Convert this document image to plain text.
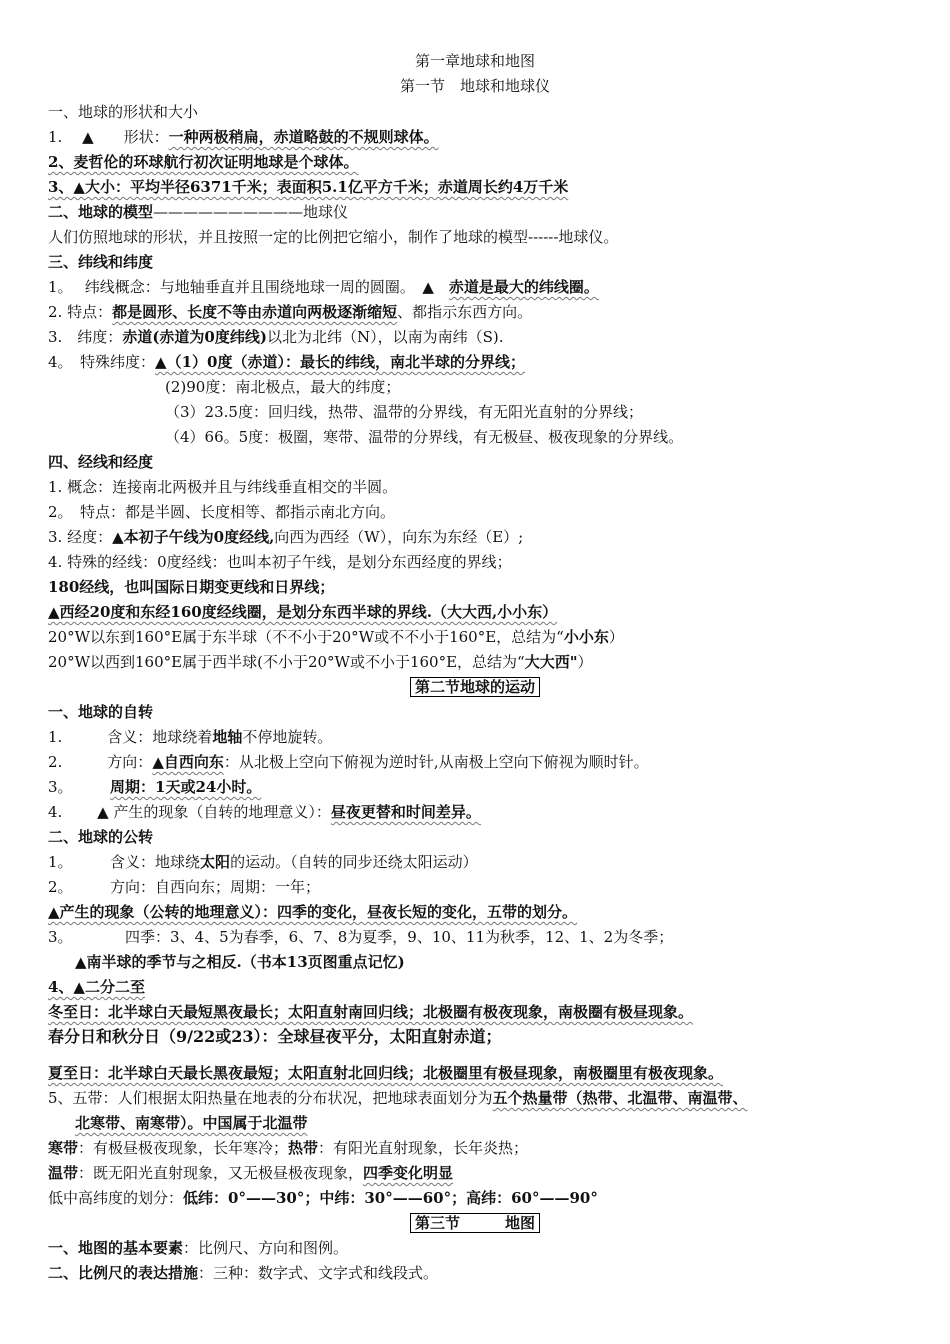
第一章地球和地图
第一节　地球和地球仪
一、地球的形状和大小
1.　 ▲　　形状：一种两极稍扁，赤道略鼓的不规则球体。
2、麦哲伦的环球航行初次证明地球是个球体。
3、▲大小：平均半径6371千米；表面积5.1亿平方千米；赤道周长约4万千米
二、地球的模型——————————地球仪
人们仿照地球的形状，并且按照一定的比例把它缩小，制作了地球的模型------地球仪。
三、纬线和纬度
1。　 纬线概念：与地轴垂直并且围绕地球一周的圆圈。　▲　赤道是最大的纬线圈。
2. 特点：都是圆形、长度不等由赤道向两极逐渐缩短、都指示东西方向。
3.　纬度：赤道(赤道为0度纬线)以北为北纬（N），以南为南纬（S).
4。　特殊纬度：▲（1）0度（赤道）：最长的纬线，南北半球的分界线；
(2)90度：南北极点，最大的纬度；
（3）23.5度：回归线，热带、温带的分界线，有无阳光直射的分界线；
（4）66。5度：极圈，寒带、温带的分界线，有无极昼、极夜现象的分界线。
四、经线和经度
1. 概念：连接南北两极并且与纬线垂直相交的半圆。
2。　特点：都是半圆、长度相等、都指示南北方向。
3. 经度：▲本初子午线为0度经线,向西为西经（W），向东为东经（E）;
4. 特殊的经线：0度经线：也叫本初子午线，是划分东西经度的界线；
180经线，也叫国际日期变更线和日界线；
▲西经20度和东经160度经线圈，是划分东西半球的界线.（大大西,小小东）
20°W以东到160°E属于东半球（不不小于20°W或不不小于160°E，总结为“小小东）
20°W以西到160°E属于西半球(不小于20°W或不小于160°E，总结为“大大西"）
第二节地球的运动
一、地球的自转
1.　　　含义：地球绕着地轴不停地旋转。
2.　　　方向：▲自西向东：从北极上空向下俯视为逆时针,从南极上空向下俯视为顺时针。
3。　　　周期：1天或24小时。
4.　　 ▲ 产生的现象（自转的地理意义）：昼夜更替和时间差异。
二、地球的公转
1。　　　含义：地球绕太阳的运动。（自转的同步还绕太阳运动）
2。　　　方向：自西向东；周期：一年；
▲产生的现象（公转的地理意义）：四季的变化，昼夜长短的变化，五带的划分。
3。　　　　四季：3、4、5为春季，6、7、8为夏季，9、10、11为秋季，12、1、2为冬季；
▲南半球的季节与之相反.（书本13页图重点记忆)
4、▲二分二至
冬至日：北半球白天最短黑夜最长；太阳直射南回归线；北极圈有极夜现象，南极圈有极昼现象。
春分日和秋分日（9/22或23）：全球昼夜平分，太阳直射赤道；
夏至日：北半球白天最长黑夜最短；太阳直射北回归线；北极圈里有极昼现象，南极圈里有极夜现象。
5、五带：人们根据太阳热量在地表的分布状况，把地球表面划分为五个热量带（热带、北温带、南温带、
北寒带、南寒带）。中国属于北温带
寒带：有极昼极夜现象，长年寒冷；热带：有阳光直射现象，长年炎热；
温带：既无阳光直射现象，又无极昼极夜现象，四季变化明显
低中高纬度的划分：低纬：0°——30°；中纬：30°——60°；高纬：60°——90°
第三节　　　地图
一、地图的基本要素：比例尺、方向和图例。
二、比例尺的表达措施：三种：数字式、文字式和线段式。
